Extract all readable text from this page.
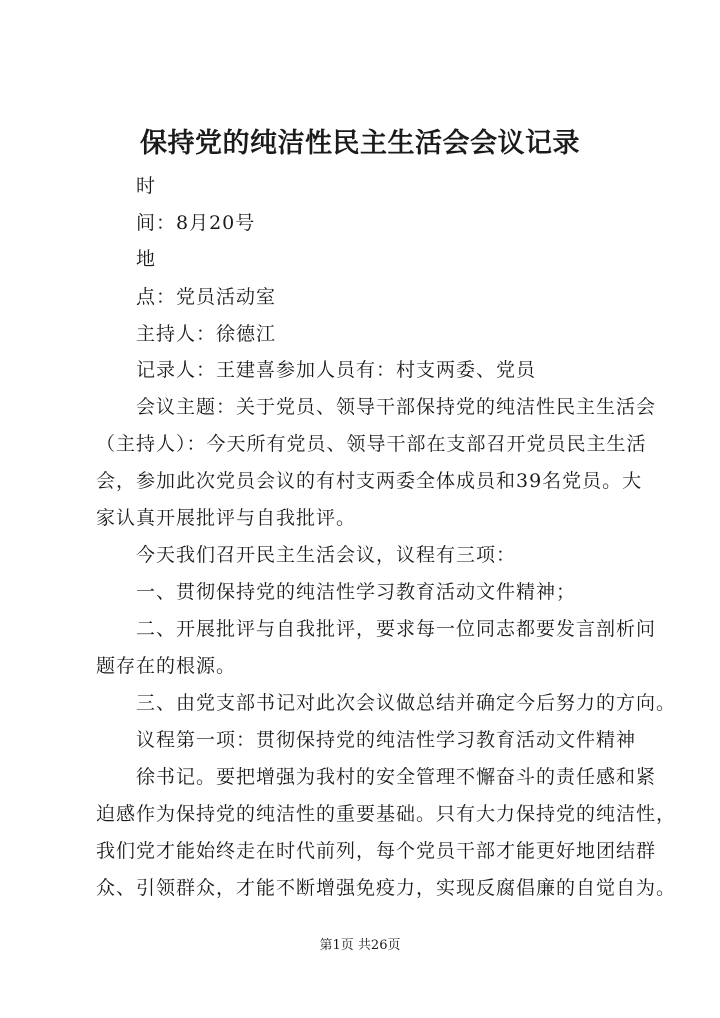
保持党的纯洁性民主生活会会议记录
时
间：8月20号
地
点：党员活动室
主持人：徐德江
记录人：王建喜参加人员有：村支两委、党员
会议主题：关于党员、领导干部保持党的纯洁性民主生活会
（主持人）：今天所有党员、领导干部在支部召开党员民主生活
会，参加此次党员会议的有村支两委全体成员和39名党员。大
家认真开展批评与自我批评。
今天我们召开民主生活会议，议程有三项：
一、贯彻保持党的纯洁性学习教育活动文件精神；
二、开展批评与自我批评，要求每一位同志都要发言剖析问
题存在的根源。
三、由党支部书记对此次会议做总结并确定今后努力的方向。
议程第一项：贯彻保持党的纯洁性学习教育活动文件精神
徐书记。要把增强为我村的安全管理不懈奋斗的责任感和紧
迫感作为保持党的纯洁性的重要基础。只有大力保持党的纯洁性，
我们党才能始终走在时代前列，每个党员干部才能更好地团结群
众、引领群众，才能不断增强免疫力，实现反腐倡廉的自觉自为。
第1页 共26页
